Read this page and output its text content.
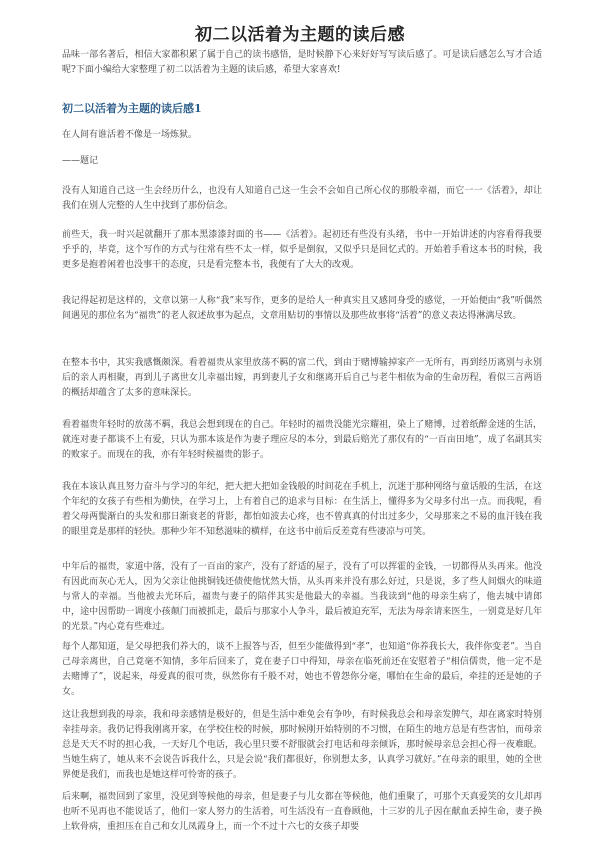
初二以活着为主题的读后感

品味一部名著后，相信大家都积累了属于自己的读书感悟，是时候静下心来好好写写读后感了。可是读后感怎么写才合适呢?下面小编给大家整理了初二以活着为主题的读后感，希望大家喜欢!

初二以活着为主题的读后感1

在人间有谁活着不像是一场炼狱。

——题记

没有人知道自己这一生会经历什么，也没有人知道自己这一生会不会如自己所心仪的那般幸福，而它一一《活着》，却让我们在别人完整的人生中找到了那份信念。

前些天，我一时兴起就翻开了那本黑漆漆封面的书——《活着》。起初还有些没有头绪，书中一开始讲述的内容看得我要乎乎的，毕竟，这个写作的方式与往常有些不太一样，似乎是倒叙，又似乎只是回忆式的。开始着手看这本书的时候，我更多是抱着闲着也没事干的态度，只是看完整本书，我便有了大大的改观。

我记得起初是这样的，文章以第一人称“我”来写作，更多的是给人一种真实且又感同身受的感觉，一开始便由“我”听偶然间遇见的那位名为“福贵”的老人叙述故事为起点，文章用贴切的事情以及那些故事将“活着”的意义表达得淋漓尽致。

在整本书中，其实我感慨颇深。看着福贵从家里放荡不羁的富二代，到由于赌博输掉家产一无所有，再到经历离别与永别后的亲人再相聚，再到儿子离世女儿幸福出嫁，再到妻儿子女和继离开后自己与老牛相依为命的生命历程，看似三言两语的概括却蕴含了太多的意味深长。

看着福贵年轻时的放荡不羁，我总会想到现在的自己。年轻时的福贵没能光宗耀祖，染上了赌博，过着纸醉金迷的生活，就连对妻子都谈不上有爱，只认为那本该是作为妻子理应尽的本分，到最后赔光了那仅有的“一百亩田地”，成了名副其实的败家子。而现在的我，亦有年轻时候福贵的影子。

我在本该认真且努力奋斗与学习的年纪，把大把大把如金钱般的时间花在手机上，沉迷于那种网络与童话般的生活，在这个年纪的女孩子有些相为勤快，在学习上，上有着自己的追求与目标：在生活上，懂得多为父母多付出一点。而我呢，看着父母两鬓渐白的头发和那日渐衰老的背影，都怕如波去心疼，也不曾真真的付出过多少，父母那来之不易的血汗钱在我的眼里竟是那样的轻快。那种少年不知愁滋味的横样，在这书中前后反差竟有些凄凉与可笑。

中年后的福贵，家道中落，没有了一百亩的家产，没有了舒适的屋子，没有了可以挥霍的金钱，一切都得从头再来。他没有因此而灰心无人，因为父亲让他挑铜钱还债使他忧然大悟，从头再来并没有那么好过，只是说，多了些人间烟火的味道与常人的幸福。当他被去光环后，福贵与妻子的陪伴其实是他最大的幸福。当我读到“他的母亲生病了，他去城中请郎中，途中因帮助一调度小孩颠门而被抓走，最后与那家小人争斗，最后被迫充军，无法为母亲请来医生，一别竟是好几年的光景。”内心竟有些难过。

每个人都知道，是父母把我们养大的，谈不上报答与否，但至少能做得到“孝”，也知道“你养我长大，我伴你变老”。当自己母亲离世，自己竟毫不知情，多年后回来了，竟在妻子口中得知，母亲在临死前还在安慰着子“相信儒贵，他一定不是去赌博了”，说起来，母爱真的很可贵，纵然你有千般不对，她也不曾怨你分毫，哪怕在生命的最后，牵挂的还是她的子女。

这让我想到我的母亲，我和母亲感情是极好的，但是生活中难免会有争吵，有时候我总会和母亲发脾气，却在离家时特别幸挂母亲。我仍记得我刚离开家，在学校住校的时候，那时候刚开始特别的不习惯，在陌生的地方总是有些害怕，而母亲总是天天不时的担心我，一天好几个电话，我心里只要不舒服就会打电话和母亲倾诉，那时候母亲总会担心得一夜难眠。当她生病了，她从来不会说告诉我什么，只是会说“我们都很好，你别想太多，认真学习就好。”在母亲的眼里，她的全世界便是我们，而我也是她这样可怜寄的孩子。

后来啊，福贵回到了家里，没见到等候他的母亲，但是妻子与儿女都在等候他，他们重聚了，可那个天真爱笑的女儿却再也听不见再也不能说话了，他们一家人努力的生活着，可生活没有一直眷顾他，十三岁的儿子因在献血丢掉生命，妻子换上软骨病，重担压在自己和女儿凤霞身上，而一个不过十六七的女孩子却要
